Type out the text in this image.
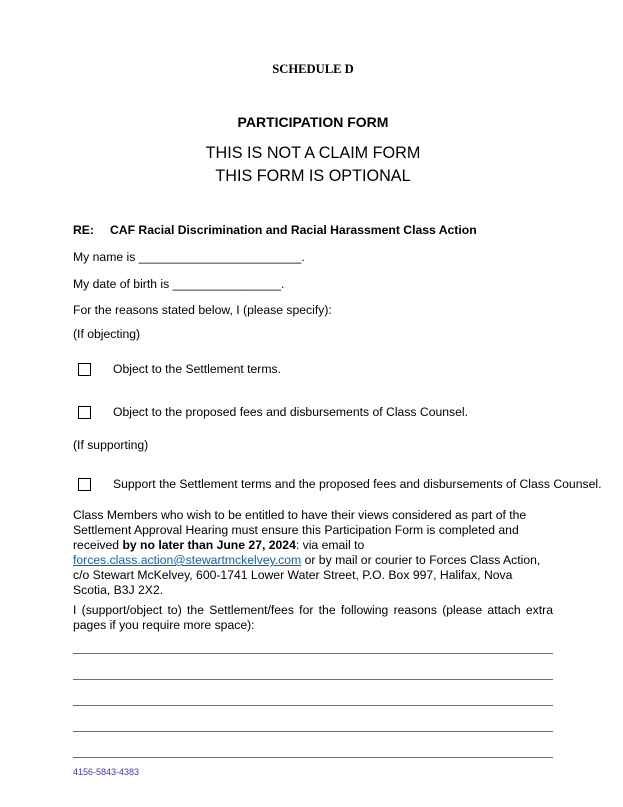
SCHEDULE D
PARTICIPATION FORM
THIS IS NOT A CLAIM FORM
THIS FORM IS OPTIONAL

RE: CAF Racial Discrimination and Racial Harassment Class Action

My name is ________________________.

My date of birth is ________________.

For the reasons stated below, I (please specify):

(If objecting)

Object to the Settlement terms.
Object to the proposed fees and disbursements of Class Counsel.

(If supporting)

Support the Settlement terms and the proposed fees and disbursements of Class Counsel.

Class Members who wish to be entitled to have their views considered as part of the Settlement Approval Hearing must ensure this Participation Form is completed and received by no later than June 27, 2024: via email to forces.class.action@stewartmckelvey.com or by mail or courier to Forces Class Action, c/o Stewart McKelvey, 600-1741 Lower Water Street, P.O. Box 997, Halifax, Nova Scotia, B3J 2X2.

I (support/object to) the Settlement/fees for the following reasons (please attach extra pages if you require more space):

4156-5843-4383
